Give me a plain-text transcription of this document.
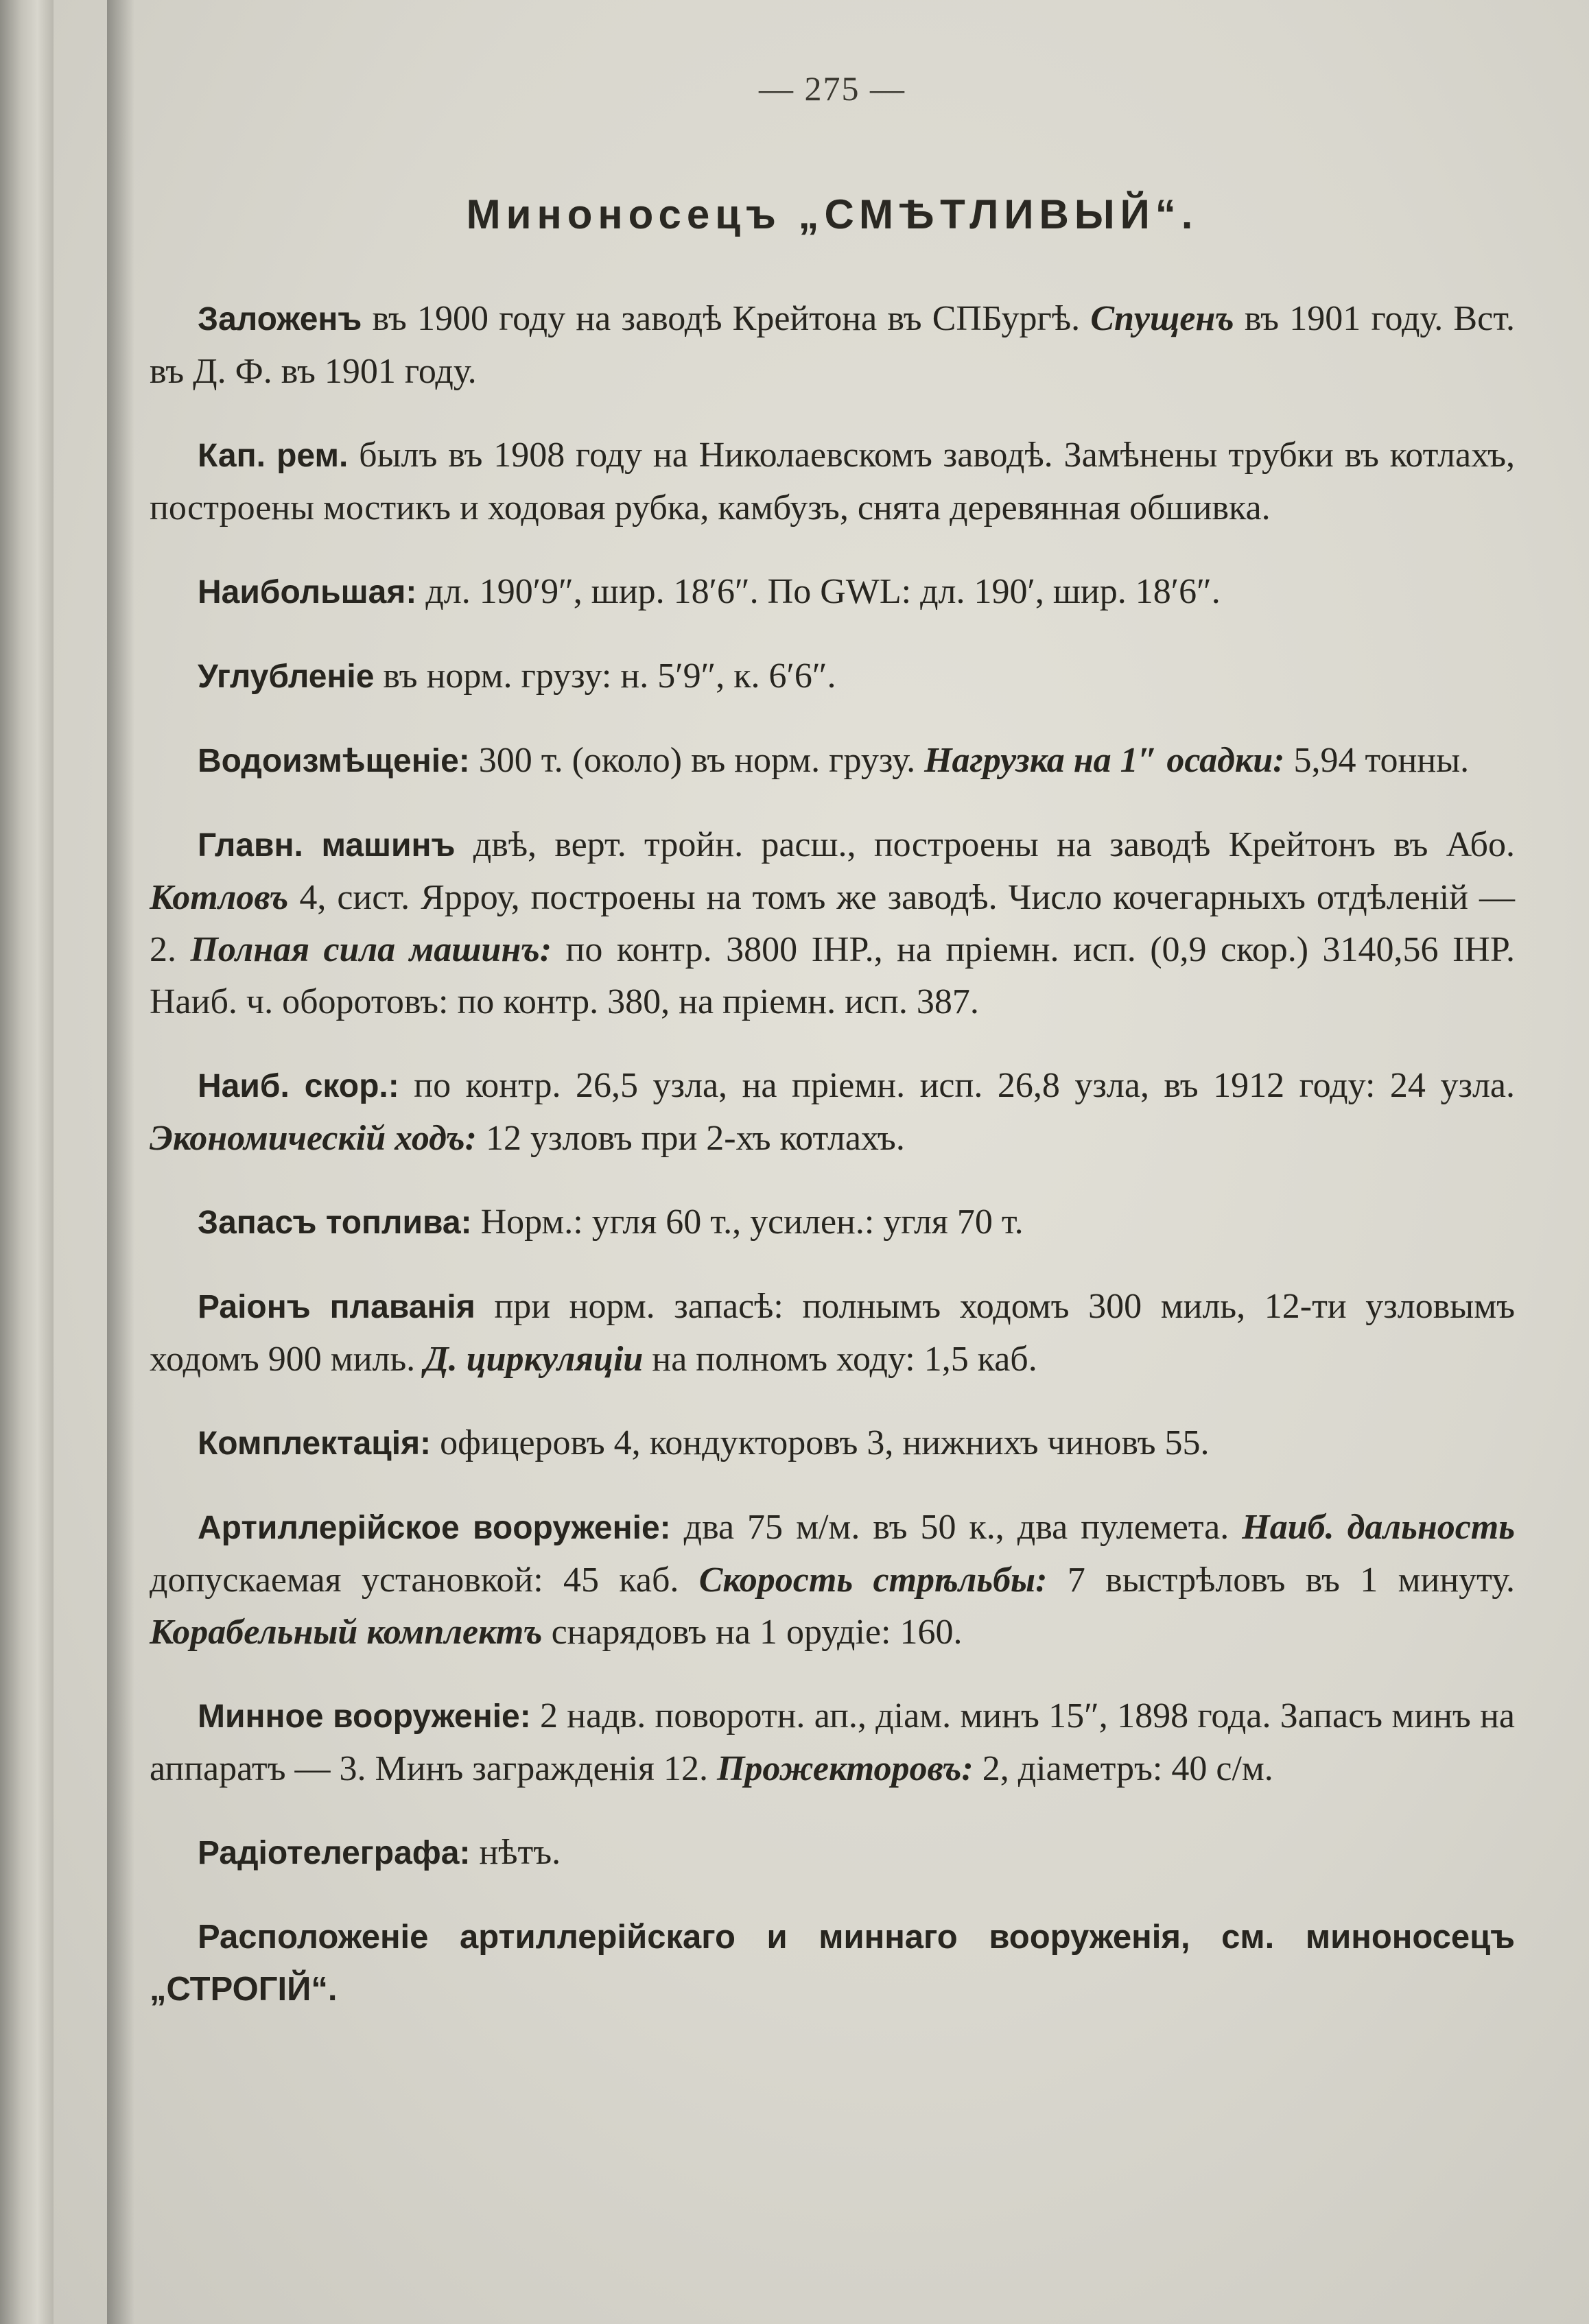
— 275 —
Миноносецъ „СМѢТЛИВЫЙ“.

Заложенъ въ 1900 году на заводѣ Крейтона въ СПБургѣ. Спущенъ въ 1901 году. Вст. въ Д. Ф. въ 1901 году.

Кап. рем. былъ въ 1908 году на Николаевскомъ заводѣ. Замѣнены трубки въ котлахъ, построены мостикъ и ходовая рубка, камбузъ, снята деревянная обшивка.

Наибольшая: дл. 190′9″, шир. 18′6″. По GWL: дл. 190′, шир. 18′6″.

Углубленіе въ норм. грузу: н. 5′9″, к. 6′6″.

Водоизмѣщеніе: 300 т. (около) въ норм. грузу. Нагрузка на 1″ осадки: 5,94 тонны.

Главн. машинъ двѣ, верт. тройн. расш., построены на заводѣ Крейтонъ въ Або. Котловъ 4, сист. Ярроу, построены на томъ же заводѣ. Число кочегарныхъ отдѣленій — 2. Полная сила машинъ: по контр. 3800 IHP., на пріемн. исп. (0,9 скор.) 3140,56 IHP. Наиб. ч. оборотовъ: по контр. 380, на пріемн. исп. 387.

Наиб. скор.: по контр. 26,5 узла, на пріемн. исп. 26,8 узла, въ 1912 году: 24 узла. Экономическій ходъ: 12 узловъ при 2-хъ котлахъ.

Запасъ топлива: Норм.: угля 60 т., усилен.: угля 70 т.

Раіонъ плаванія при норм. запасѣ: полнымъ ходомъ 300 миль, 12-ти узловымъ ходомъ 900 миль. Д. циркуляціи на полномъ ходу: 1,5 каб.

Комплектація: офицеровъ 4, кондукторовъ 3, нижнихъ чиновъ 55.

Артиллерійское вооруженіе: два 75 м/м. въ 50 к., два пулемета. Наиб. дальность допускаемая установкой: 45 каб. Скорость стрѣльбы: 7 выстрѣловъ въ 1 минуту. Корабельный комплектъ снарядовъ на 1 орудіе: 160.

Минное вооруженіе: 2 надв. поворотн. ап., діам. минъ 15″, 1898 года. Запасъ минъ на аппаратъ — 3. Минъ загражденія 12. Прожекторовъ: 2, діаметръ: 40 с/м.

Радіотелеграфа: нѣтъ.

Расположеніе артиллерійскаго и миннаго вооруженія, см. миноносецъ „СТРОГІЙ“.
